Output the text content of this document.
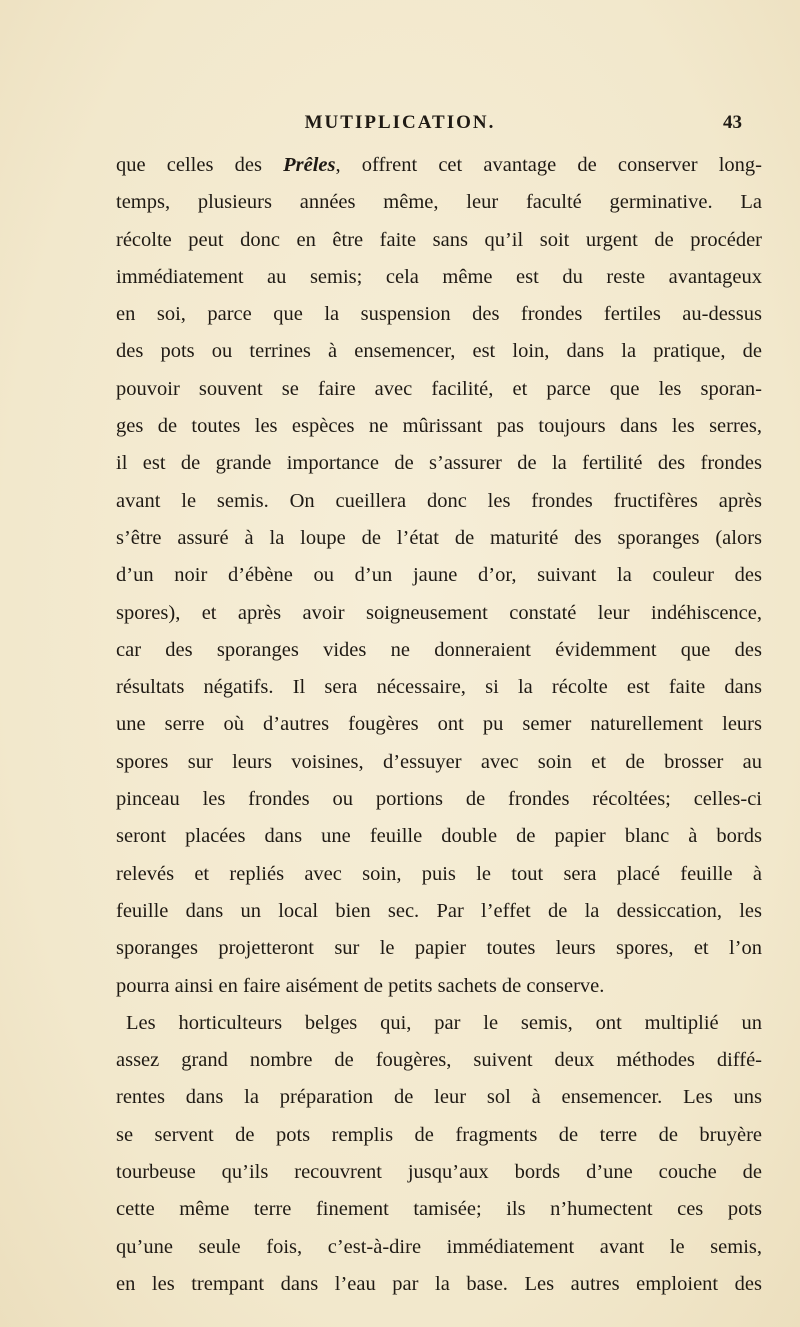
MUTIPLICATION.	43
que celles des Prêles, offrent cet avantage de conserver long-
temps, plusieurs années même, leur faculté germinative. La
récolte peut donc en être faite sans qu’il soit urgent de procéder
immédiatement au semis; cela même est du reste avantageux
en soi, parce que la suspension des frondes fertiles au-dessus
des pots ou terrines à ensemencer, est loin, dans la pratique, de
pouvoir souvent se faire avec facilité, et parce que les sporan-
ges de toutes les espèces ne mûrissant pas toujours dans les serres,
il est de grande importance de s’assurer de la fertilité des frondes
avant le semis. On cueillera donc les frondes fructifères après
s’être assuré à la loupe de l’état de maturité des sporanges (alors
d’un noir d’ébène ou d’un jaune d’or, suivant la couleur des
spores), et après avoir soigneusement constaté leur indéhiscence,
car des sporanges vides ne donneraient évidemment que des
résultats négatifs. Il sera nécessaire, si la récolte est faite dans
une serre où d’autres fougères ont pu semer naturellement leurs
spores sur leurs voisines, d’essuyer avec soin et de brosser au
pinceau les frondes ou portions de frondes récoltées; celles-ci
seront placées dans une feuille double de papier blanc à bords
relevés et repliés avec soin, puis le tout sera placé feuille à
feuille dans un local bien sec. Par l’effet de la dessiccation, les
sporanges projetteront sur le papier toutes leurs spores, et l’on
pourra ainsi en faire aisément de petits sachets de conserve.
Les horticulteurs belges qui, par le semis, ont multiplié un
assez grand nombre de fougères, suivent deux méthodes diffé-
rentes dans la préparation de leur sol à ensemencer. Les uns
se servent de pots remplis de fragments de terre de bruyère
tourbeuse qu’ils recouvrent jusqu’aux bords d’une couche de
cette même terre finement tamisée; ils n’humectent ces pots
qu’une seule fois, c’est-à-dire immédiatement avant le semis,
en les trempant dans l’eau par la base. Les autres emploient des
